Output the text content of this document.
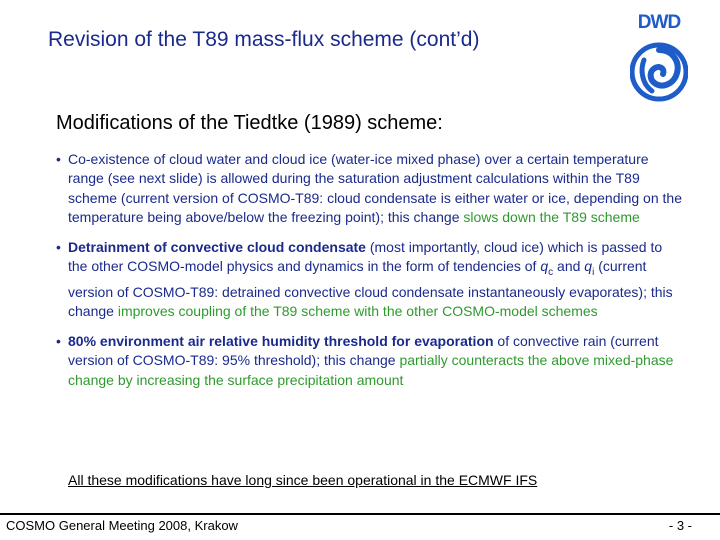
Revision of the T89 mass-flux scheme (cont’d)
DWD
Modifications of the Tiedtke (1989) scheme:
• Co-existence of cloud water and cloud ice (water-ice mixed phase) over a certain temperature range (see next slide) is allowed during the saturation adjustment calculations within the T89 scheme (current version of COSMO-T89: cloud condensate is either water or ice, depending on the temperature being above/below the freezing point); this change slows down the T89 scheme
• Detrainment of convective cloud condensate (most importantly, cloud ice) which is passed to the other COSMO-model physics and dynamics in the form of tendencies of $q_c$ and $q_i$ (current version of COSMO-T89: detrained convective cloud condensate instantaneously evaporates); this change improves coupling of the T89 scheme with the other COSMO-model schemes
• 80% environment air relative humidity threshold for evaporation of convective rain (current version of COSMO-T89: 95% threshold); this change partially counteracts the above mixed-phase change by increasing the surface precipitation amount
All these modifications have long since been operational in the ECMWF IFS
COSMO General Meeting 2008, Krakow	- 3 -
